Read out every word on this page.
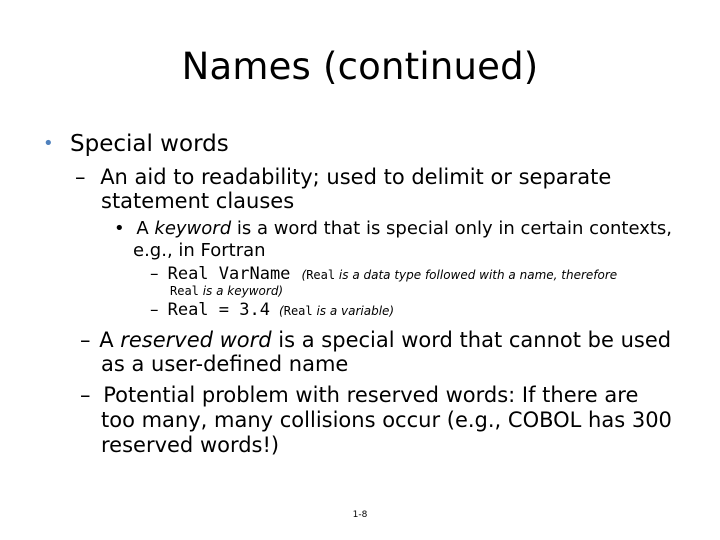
Names (continued)
• Special words
– An aid to readability; used to delimit or separate
statement clauses
• A keyword is a word that is special only in certain contexts,
e.g., in Fortran
– Real VarName (Real is a data type followed with a name, therefore
Real is a keyword)
– Real = 3.4 (Real is a variable)
– A reserved word is a special word that cannot be used
as a user-defined name
– Potential problem with reserved words: If there are
too many, many collisions occur (e.g., COBOL has 300
reserved words!)
1-8
